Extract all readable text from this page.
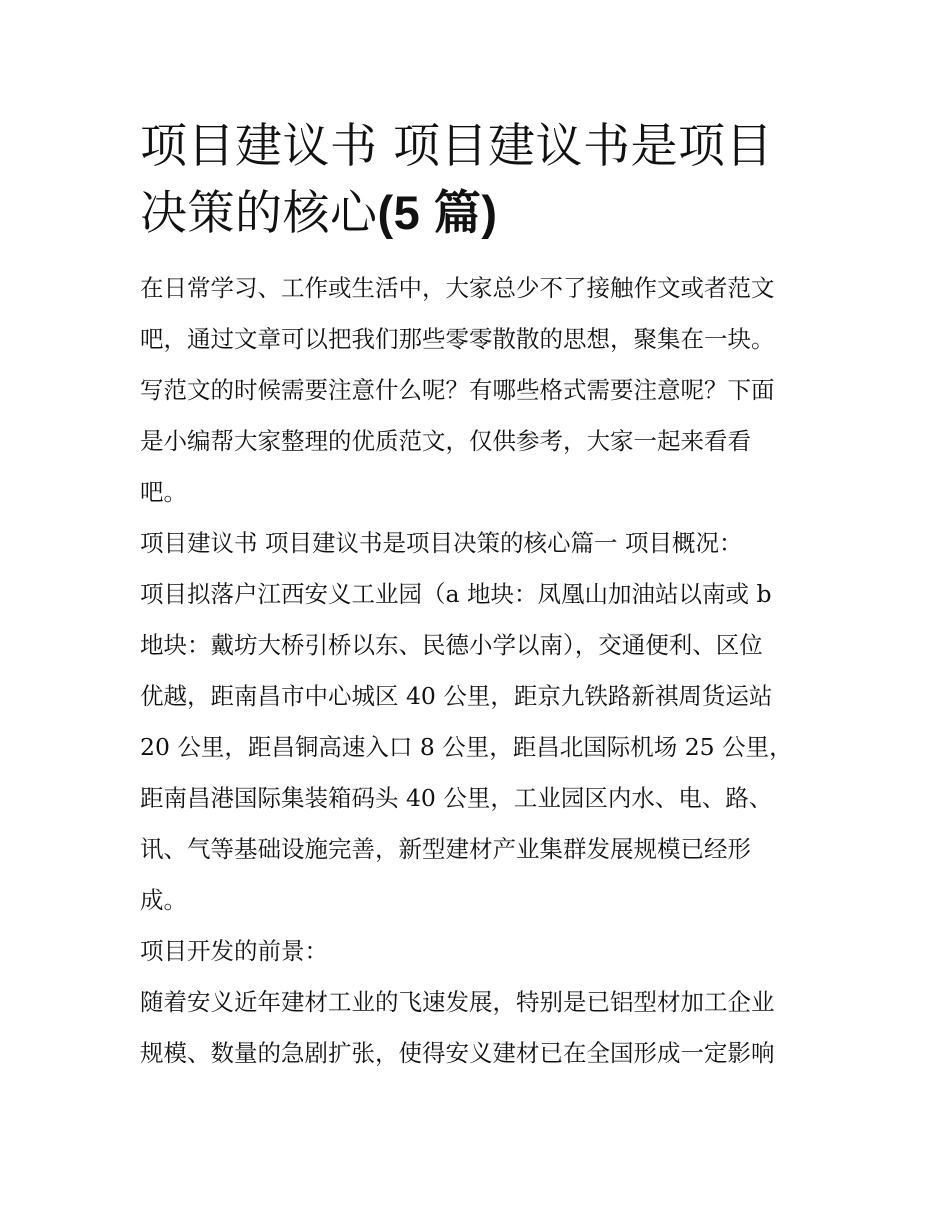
项目建议书 项目建议书是项目
决策的核心(5 篇)
在日常学习、工作或生活中，大家总少不了接触作文或者范文
吧，通过文章可以把我们那些零零散散的思想，聚集在一块。
写范文的时候需要注意什么呢？有哪些格式需要注意呢？下面
是小编帮大家整理的优质范文，仅供参考，大家一起来看看
吧。
项目建议书 项目建议书是项目决策的核心篇一 项目概况：
项目拟落户江西安义工业园（a 地块：凤凰山加油站以南或 b
地块：戴坊大桥引桥以东、民德小学以南），交通便利、区位
优越，距南昌市中心城区 40 公里，距京九铁路新祺周货运站
20 公里，距昌铜高速入口 8 公里，距昌北国际机场 25 公里，
距南昌港国际集装箱码头 40 公里，工业园区内水、电、路、
讯、气等基础设施完善，新型建材产业集群发展规模已经形
成。
项目开发的前景：
随着安义近年建材工业的飞速发展，特别是已铝型材加工企业
规模、数量的急剧扩张，使得安义建材已在全国形成一定影响
